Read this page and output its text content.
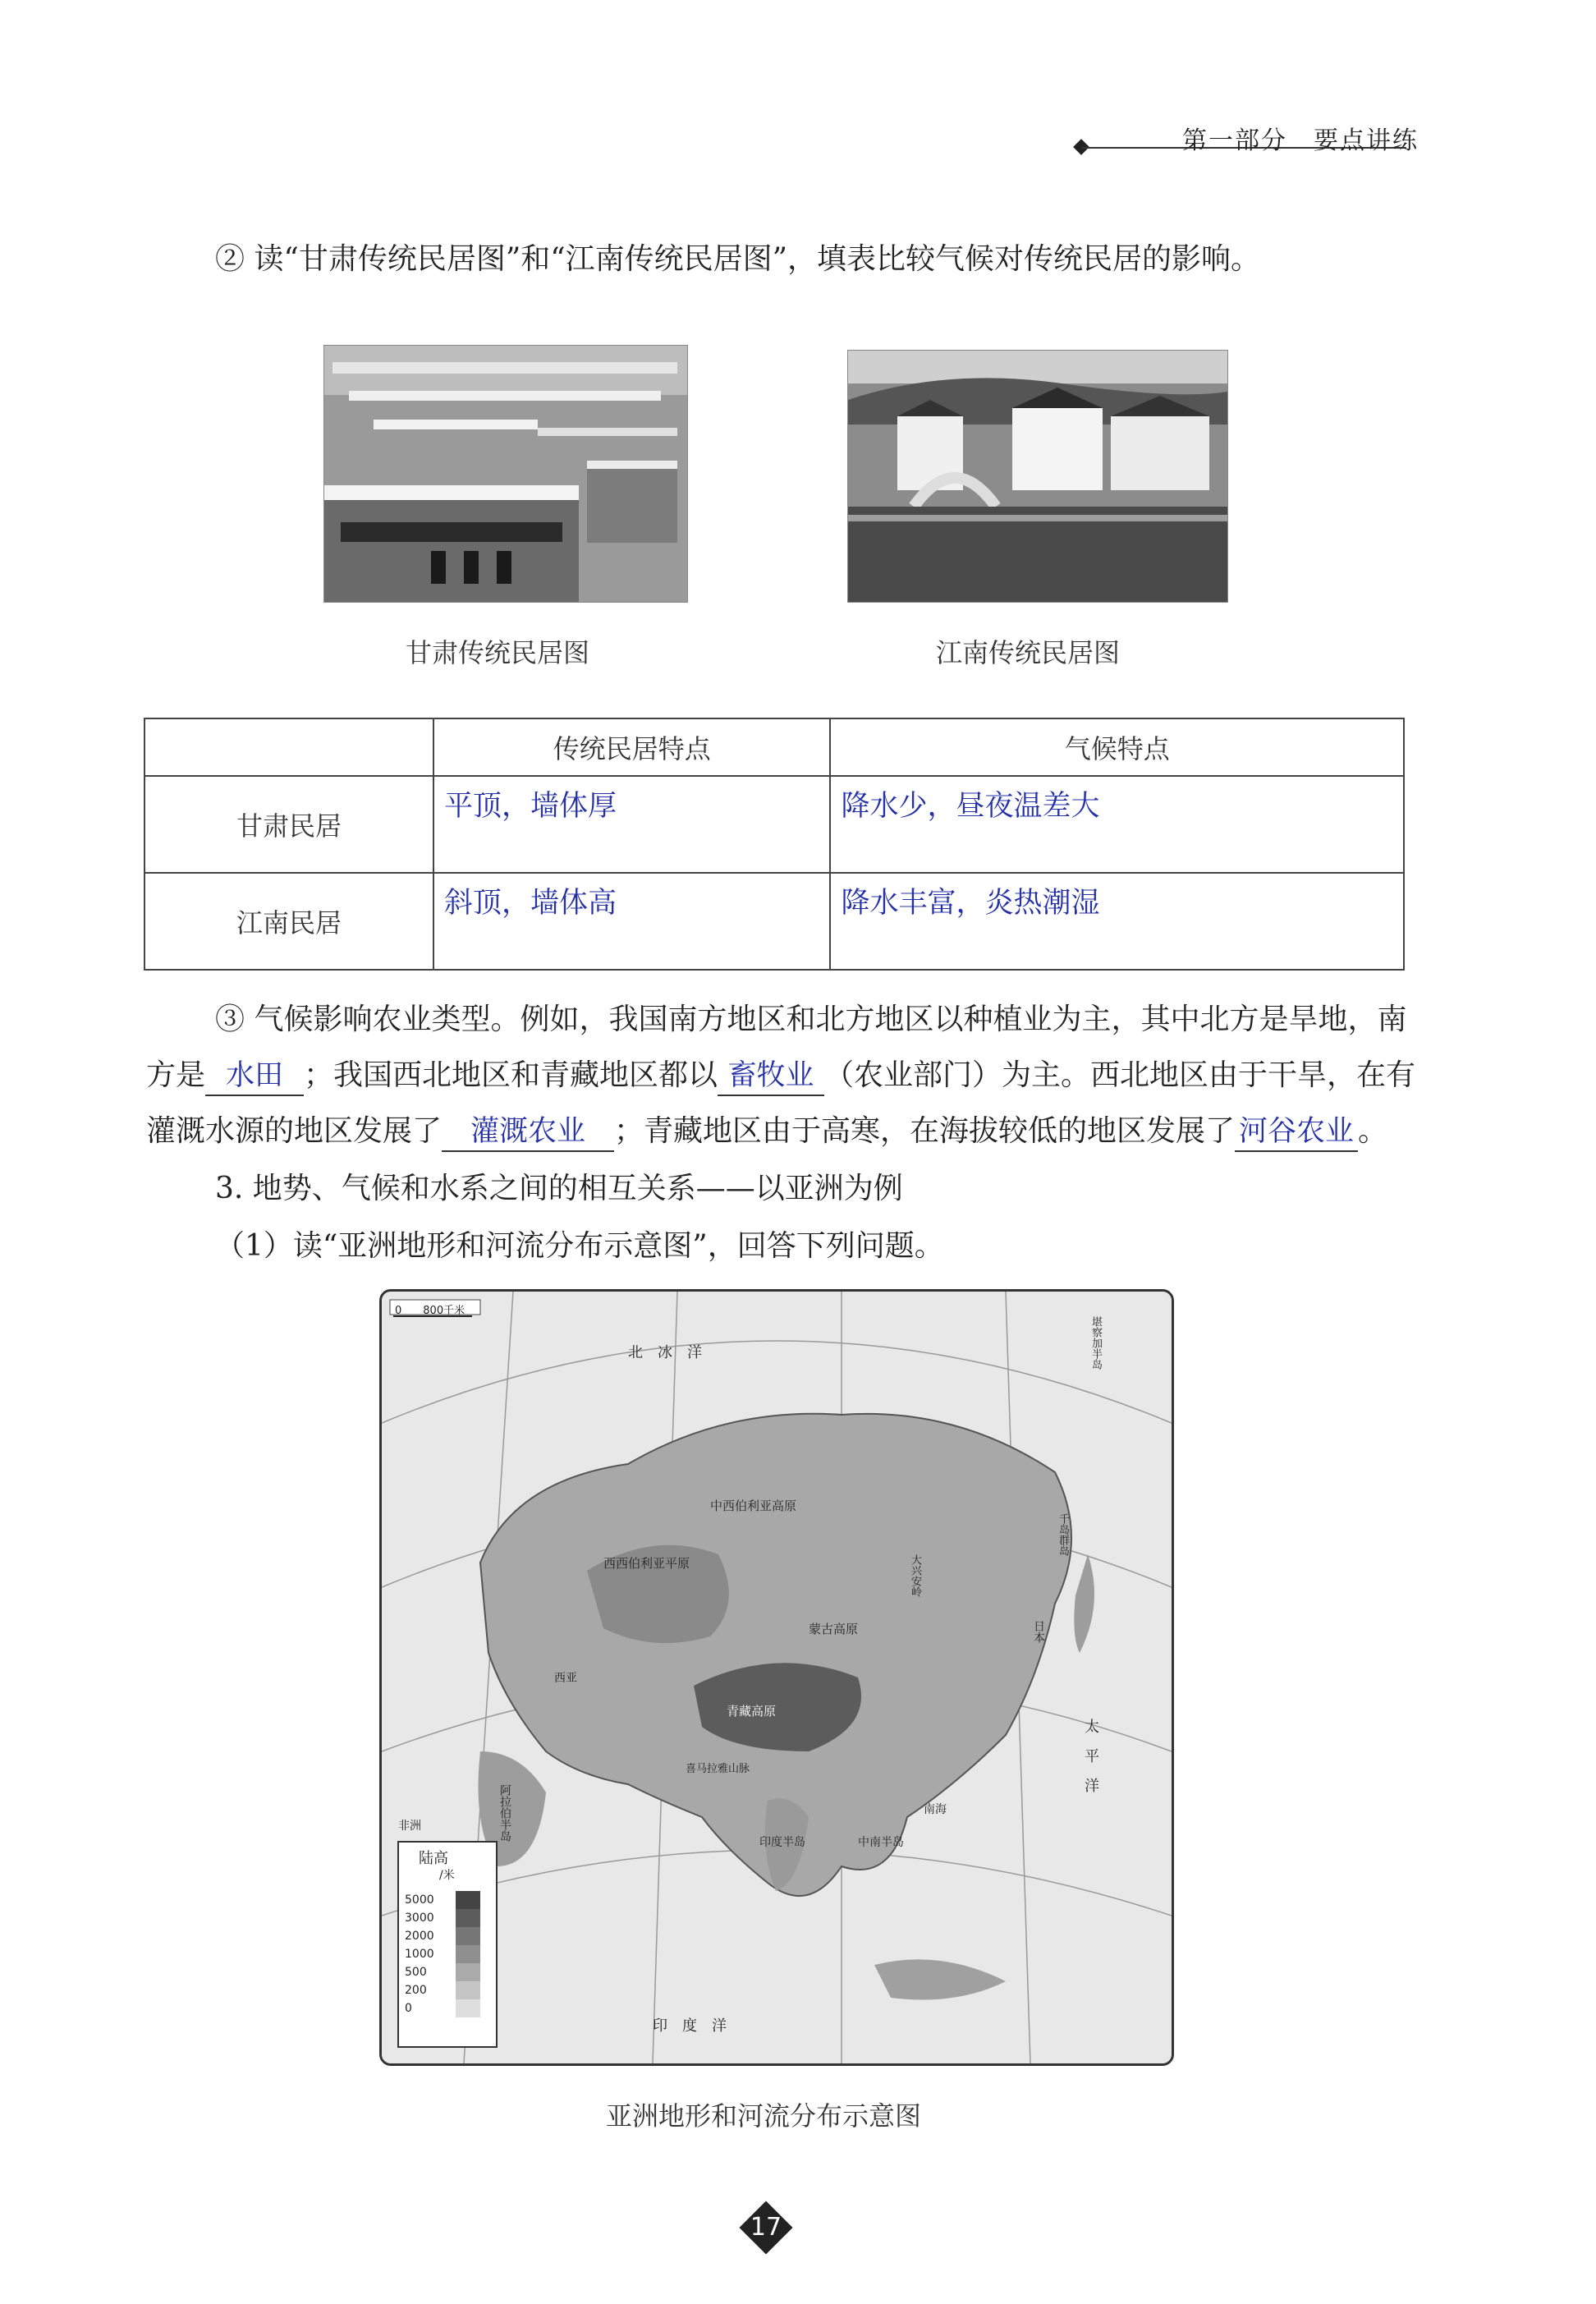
第一部分　要点讲练
② 读“甘肃传统民居图”和“江南传统民居图”，填表比较气候对传统民居的影响。
甘肃传统民居图	江南传统民居图
	传统民居特点	气候特点
甘肃民居	平顶，墙体厚	降水少，昼夜温差大
江南民居	斜顶，墙体高	降水丰富，炎热潮湿
③ 气候影响农业类型。例如，我国南方地区和北方地区以种植业为主，其中北方是旱地，南
方是 水田 ；我国西北地区和青藏地区都以 畜牧业 （农业部门）为主。西北地区由于干旱，在有
灌溉水源的地区发展了 灌溉农业 ；青藏地区由于高寒，在海拔较低的地区发展了 河谷农业 。
3. 地势、气候和水系之间的相互关系——以亚洲为例
（1）读“亚洲地形和河流分布示意图”，回答下列问题。
0　　800千米
陆高
/米
5000
3000
2000
1000
500
200
0
北　冰　洋
西西伯利亚平原
中西伯利亚高原
太　平　洋
印　度　洋
阿拉伯半岛
印度半岛	中南半岛
青藏高原
蒙古高原	日本
千岛群岛
堪察加半岛
大兴安岭
喜马拉雅山脉
非洲
西亚
南海
亚洲地形和河流分布示意图
17
